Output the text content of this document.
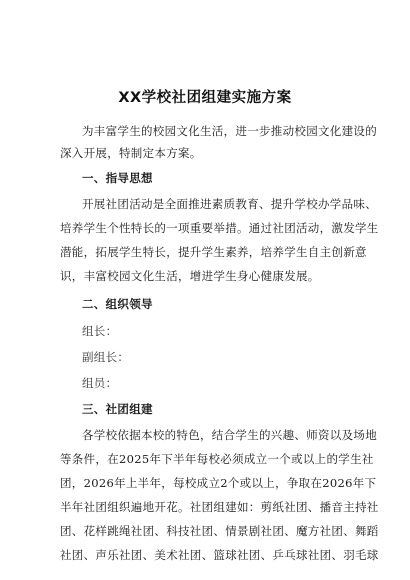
XX学校社团组建实施方案
为丰富学生的校园文化生活，进一步推动校园文化建设的
深入开展，特制定本方案。
一、指导思想
开展社团活动是全面推进素质教育、提升学校办学品味、
培养学生个性特长的一项重要举措。通过社团活动，激发学生
潜能，拓展学生特长，提升学生素养，培养学生自主创新意
识，丰富校园文化生活，增进学生身心健康发展。
二、组织领导
组长：
副组长：
组员：
三、社团组建
各学校依据本校的特色，结合学生的兴趣、师资以及场地
等条件，在2025年下半年每校必须成立一个或以上的学生社
团，2026年上半年，每校成立2个或以上，争取在2026年下
半年社团组织遍地开花。社团组建如：剪纸社团、播音主持社
团、花样跳绳社团、科技社团、情景剧社团、魔方社团、舞蹈
社团、声乐社团、美术社团、篮球社团、乒乓球社团、羽毛球
